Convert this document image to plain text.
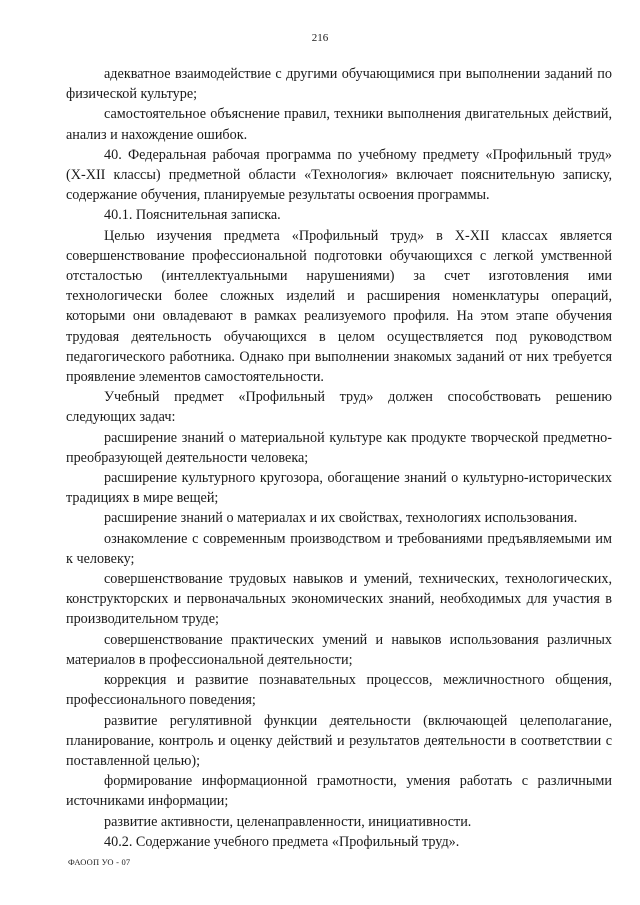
216

адекватное взаимодействие с другими обучающимися при выполнении заданий по физической культуре;

самостоятельное объяснение правил, техники выполнения двигательных действий, анализ и нахождение ошибок.

40. Федеральная рабочая программа по учебному предмету «Профильный труд» (X-XII классы) предметной области «Технология» включает пояснительную записку, содержание обучения, планируемые результаты освоения программы.

40.1. Пояснительная записка.

Целью изучения предмета «Профильный труд» в X-XII классах является совершенствование профессиональной подготовки обучающихся с легкой умственной отсталостью (интеллектуальными нарушениями) за счет изготовления ими технологически более сложных изделий и расширения номенклатуры операций, которыми они овладевают в рамках реализуемого профиля. На этом этапе обучения трудовая деятельность обучающихся в целом осуществляется под руководством педагогического работника. Однако при выполнении знакомых заданий от них требуется проявление элементов самостоятельности.

Учебный предмет «Профильный труд» должен способствовать решению следующих задач:

расширение знаний о материальной культуре как продукте творческой предметно-преобразующей деятельности человека;

расширение культурного кругозора, обогащение знаний о культурно-исторических традициях в мире вещей;

расширение знаний о материалах и их свойствах, технологиях использования.

ознакомление с современным производством и требованиями предъявляемыми им к человеку;

совершенствование трудовых навыков и умений, технических, технологических, конструкторских и первоначальных экономических знаний, необходимых для участия в производительном труде;

совершенствование практических умений и навыков использования различных материалов в профессиональной деятельности;

коррекция и развитие познавательных процессов, межличностного общения, профессионального поведения;

развитие регулятивной функции деятельности (включающей целеполагание, планирование, контроль и оценку действий и результатов деятельности в соответствии с поставленной целью);

формирование информационной грамотности, умения работать с различными источниками информации;

развитие активности, целенаправленности, инициативности.

40.2. Содержание учебного предмета «Профильный труд».

ФАООП УО - 07
